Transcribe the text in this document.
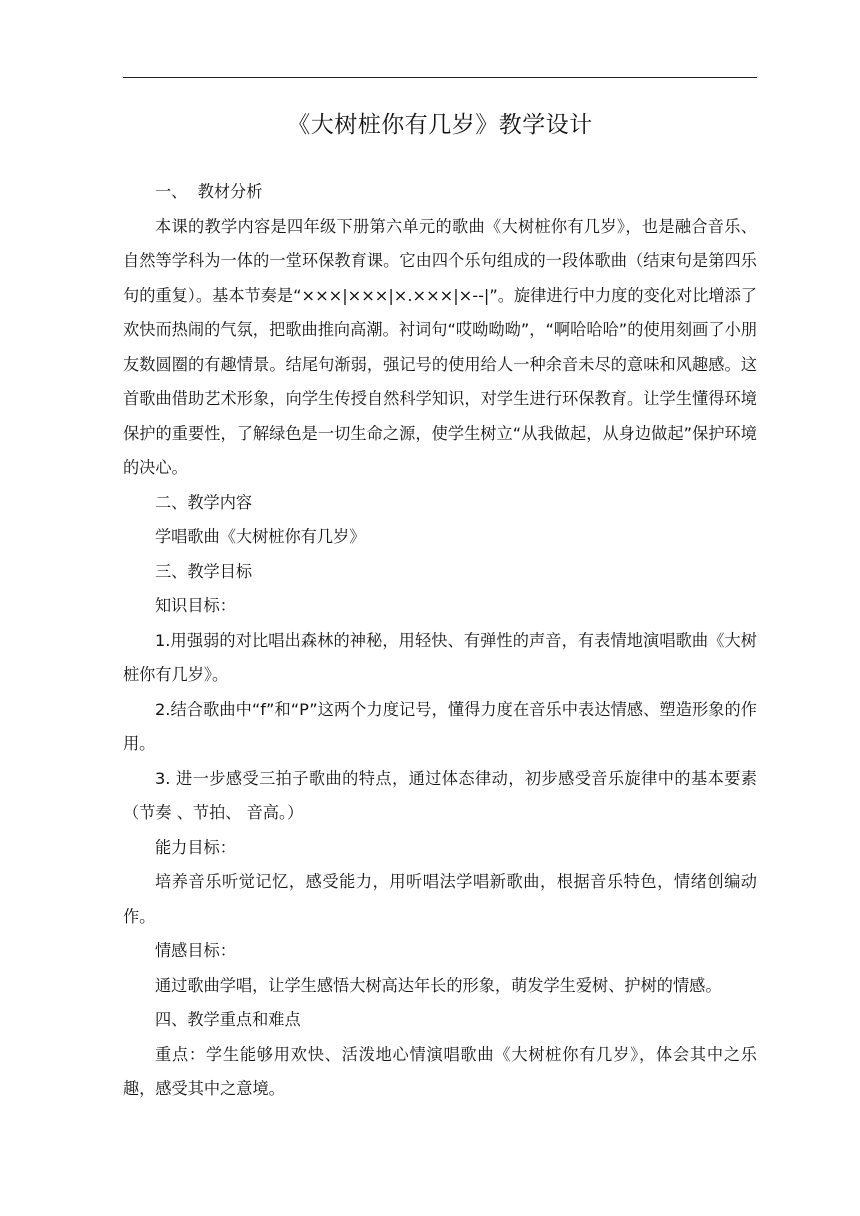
《大树桩你有几岁》教学设计

一、  教材分析

本课的教学内容是四年级下册第六单元的歌曲《大树桩你有几岁》，也是融合音乐、自然等学科为一体的一堂环保教育课。它由四个乐句组成的一段体歌曲（结束句是第四乐句的重复）。基本节奏是“×××|×××|×.×××|×--|”。旋律进行中力度的变化对比增添了欢快而热闹的气氛，把歌曲推向高潮。衬词句“哎呦呦呦”，“啊哈哈哈”的使用刻画了小朋友数圆圈的有趣情景。结尾句渐弱，强记号的使用给人一种余音未尽的意味和风趣感。这首歌曲借助艺术形象，向学生传授自然科学知识，对学生进行环保教育。让学生懂得环境保护的重要性，了解绿色是一切生命之源，使学生树立“从我做起，从身边做起”保护环境的决心。

二、教学内容

学唱歌曲《大树桩你有几岁》

三、教学目标

知识目标：

1.用强弱的对比唱出森林的神秘，用轻快、有弹性的声音，有表情地演唱歌曲《大树桩你有几岁》。

2.结合歌曲中“f”和“P”这两个力度记号，懂得力度在音乐中表达情感、塑造形象的作用。

3. 进一步感受三拍子歌曲的特点，通过体态律动，初步感受音乐旋律中的基本要素（节奏 、节拍、 音高。）

能力目标：

培养音乐听觉记忆，感受能力，用听唱法学唱新歌曲，根据音乐特色，情绪创编动作。

情感目标：

通过歌曲学唱，让学生感悟大树高达年长的形象，萌发学生爱树、护树的情感。

四、教学重点和难点

重点：学生能够用欢快、活泼地心情演唱歌曲《大树桩你有几岁》，体会其中之乐趣，感受其中之意境。
